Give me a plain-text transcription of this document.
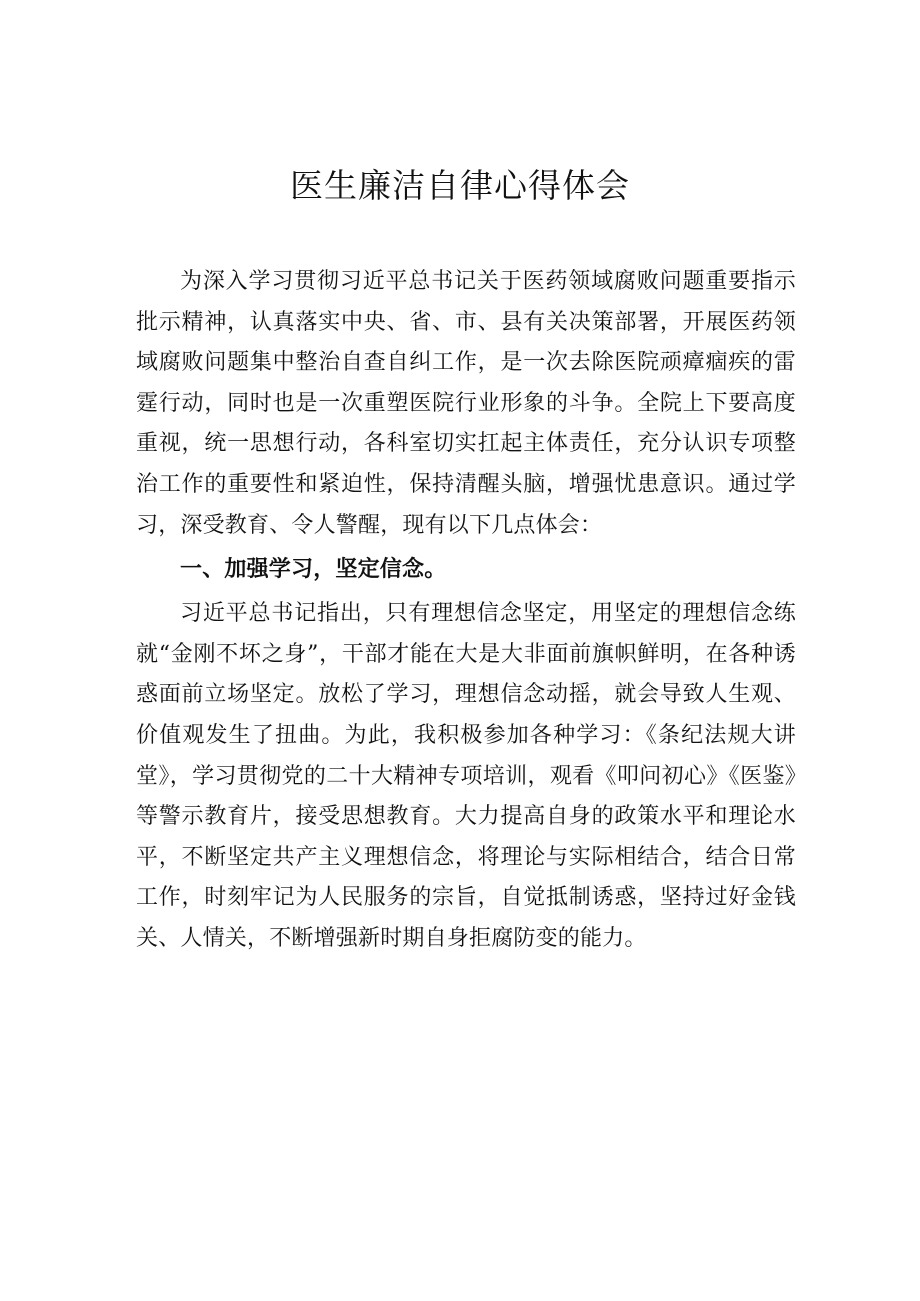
医生廉洁自律心得体会

为深入学习贯彻习近平总书记关于医药领域腐败问题重要指示批示精神，认真落实中央、省、市、县有关决策部署，开展医药领域腐败问题集中整治自查自纠工作，是一次去除医院顽瘴痼疾的雷霆行动，同时也是一次重塑医院行业形象的斗争。全院上下要高度重视，统一思想行动，各科室切实扛起主体责任，充分认识专项整治工作的重要性和紧迫性，保持清醒头脑，增强忧患意识。通过学习，深受教育、令人警醒，现有以下几点体会：

一、加强学习，坚定信念。

习近平总书记指出，只有理想信念坚定，用坚定的理想信念练就“金刚不坏之身”，干部才能在大是大非面前旗帜鲜明，在各种诱惑面前立场坚定。放松了学习，理想信念动摇，就会导致人生观、价值观发生了扭曲。为此，我积极参加各种学习：《条纪法规大讲堂》，学习贯彻党的二十大精神专项培训，观看《叩问初心》《医鉴》等警示教育片，接受思想教育。大力提高自身的政策水平和理论水平，不断坚定共产主义理想信念，将理论与实际相结合，结合日常工作，时刻牢记为人民服务的宗旨，自觉抵制诱惑，坚持过好金钱关、人情关，不断增强新时期自身拒腐防变的能力。
